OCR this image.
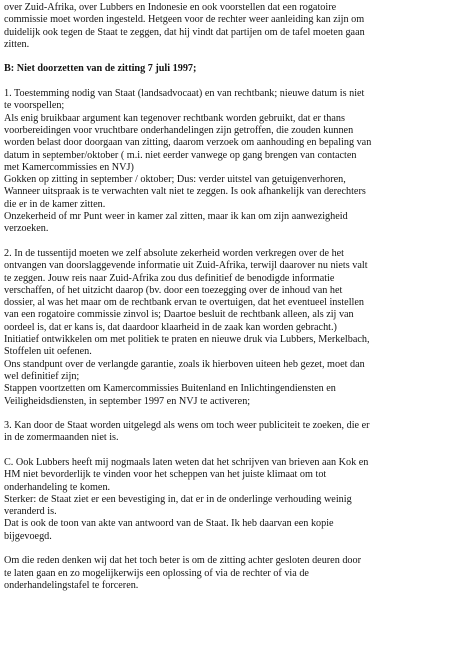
over Zuid-Afrika, over Lubbers en Indonesie en ook voorstellen dat een rogatoire
commissie moet worden ingesteld. Hetgeen voor de rechter weer aanleiding kan zijn om
duidelijk ook tegen de Staat te zeggen, dat hij vindt dat partijen om de tafel moeten gaan
zitten.
B: Niet doorzetten van de zitting 7 juli 1997;
1. Toestemming nodig van Staat (landsadvocaat) en van rechtbank; nieuwe datum is niet
te voorspellen;
Als enig bruikbaar argument kan tegenover rechtbank worden gebruikt, dat er thans
voorbereidingen voor vruchtbare onderhandelingen zijn getroffen, die zouden kunnen
worden belast door doorgaan van zitting, daarom verzoek om aanhouding en bepaling van
datum in september/oktober ( m.i. niet eerder vanwege op gang brengen van contacten
met Kamercommissies en NVJ)
Gokken op zitting in september / oktober; Dus: verder uitstel van getuigenverhoren,
Wanneer uitspraak is te verwachten valt niet te zeggen. Is ook afhankelijk van derechters
die er in de kamer zitten.
Onzekerheid of mr Punt weer in kamer zal zitten, maar ik kan om zijn aanwezigheid
verzoeken.
2. In de tussentijd moeten we zelf absolute zekerheid worden verkregen over de het
ontvangen van doorslaggevende informatie uit Zuid-Afrika, terwijl daarover nu niets valt
te zeggen. Jouw reis naar Zuid-Afrika zou dus definitief de benodigde informatie
verschaffen, of het uitzicht daarop (bv. door een toezegging over de inhoud van het
dossier, al was het maar om de rechtbank ervan te overtuigen, dat het eventueel instellen
van een rogatoire commissie zinvol is; Daartoe besluit de rechtbank alleen, als zij van
oordeel is, dat er kans is, dat daardoor klaarheid in de zaak kan worden gebracht.)
Initiatief ontwikkelen om met politiek te praten en nieuwe druk via Lubbers, Merkelbach,
Stoffelen uit oefenen.
Ons standpunt over de verlangde garantie, zoals ik hierboven uiteen heb gezet, moet dan
wel definitief zijn;
Stappen voortzetten om Kamercommissies Buitenland en Inlichtingendiensten en
Veiligheidsdiensten, in september 1997 en NVJ te activeren;
3. Kan door de Staat worden uitgelegd als wens om toch weer publiciteit te zoeken, die er
in de zomermaanden niet is.
C. Ook Lubbers heeft mij nogmaals laten weten dat het schrijven van brieven aan Kok en
HM niet bevorderlijk te vinden voor het scheppen van het juiste klimaat om tot
onderhandeling te komen.
Sterker: de Staat ziet er een bevestiging in, dat er in de onderlinge verhouding weinig
veranderd is.
Dat is ook de toon van akte van antwoord van de Staat. Ik heb daarvan een kopie
bijgevoegd.
Om die reden denken wij dat het toch beter is om de zitting achter gesloten deuren door
te laten gaan en zo mogelijkerwijs een oplossing of via de rechter of via de
onderhandelingstafel te forceren.
